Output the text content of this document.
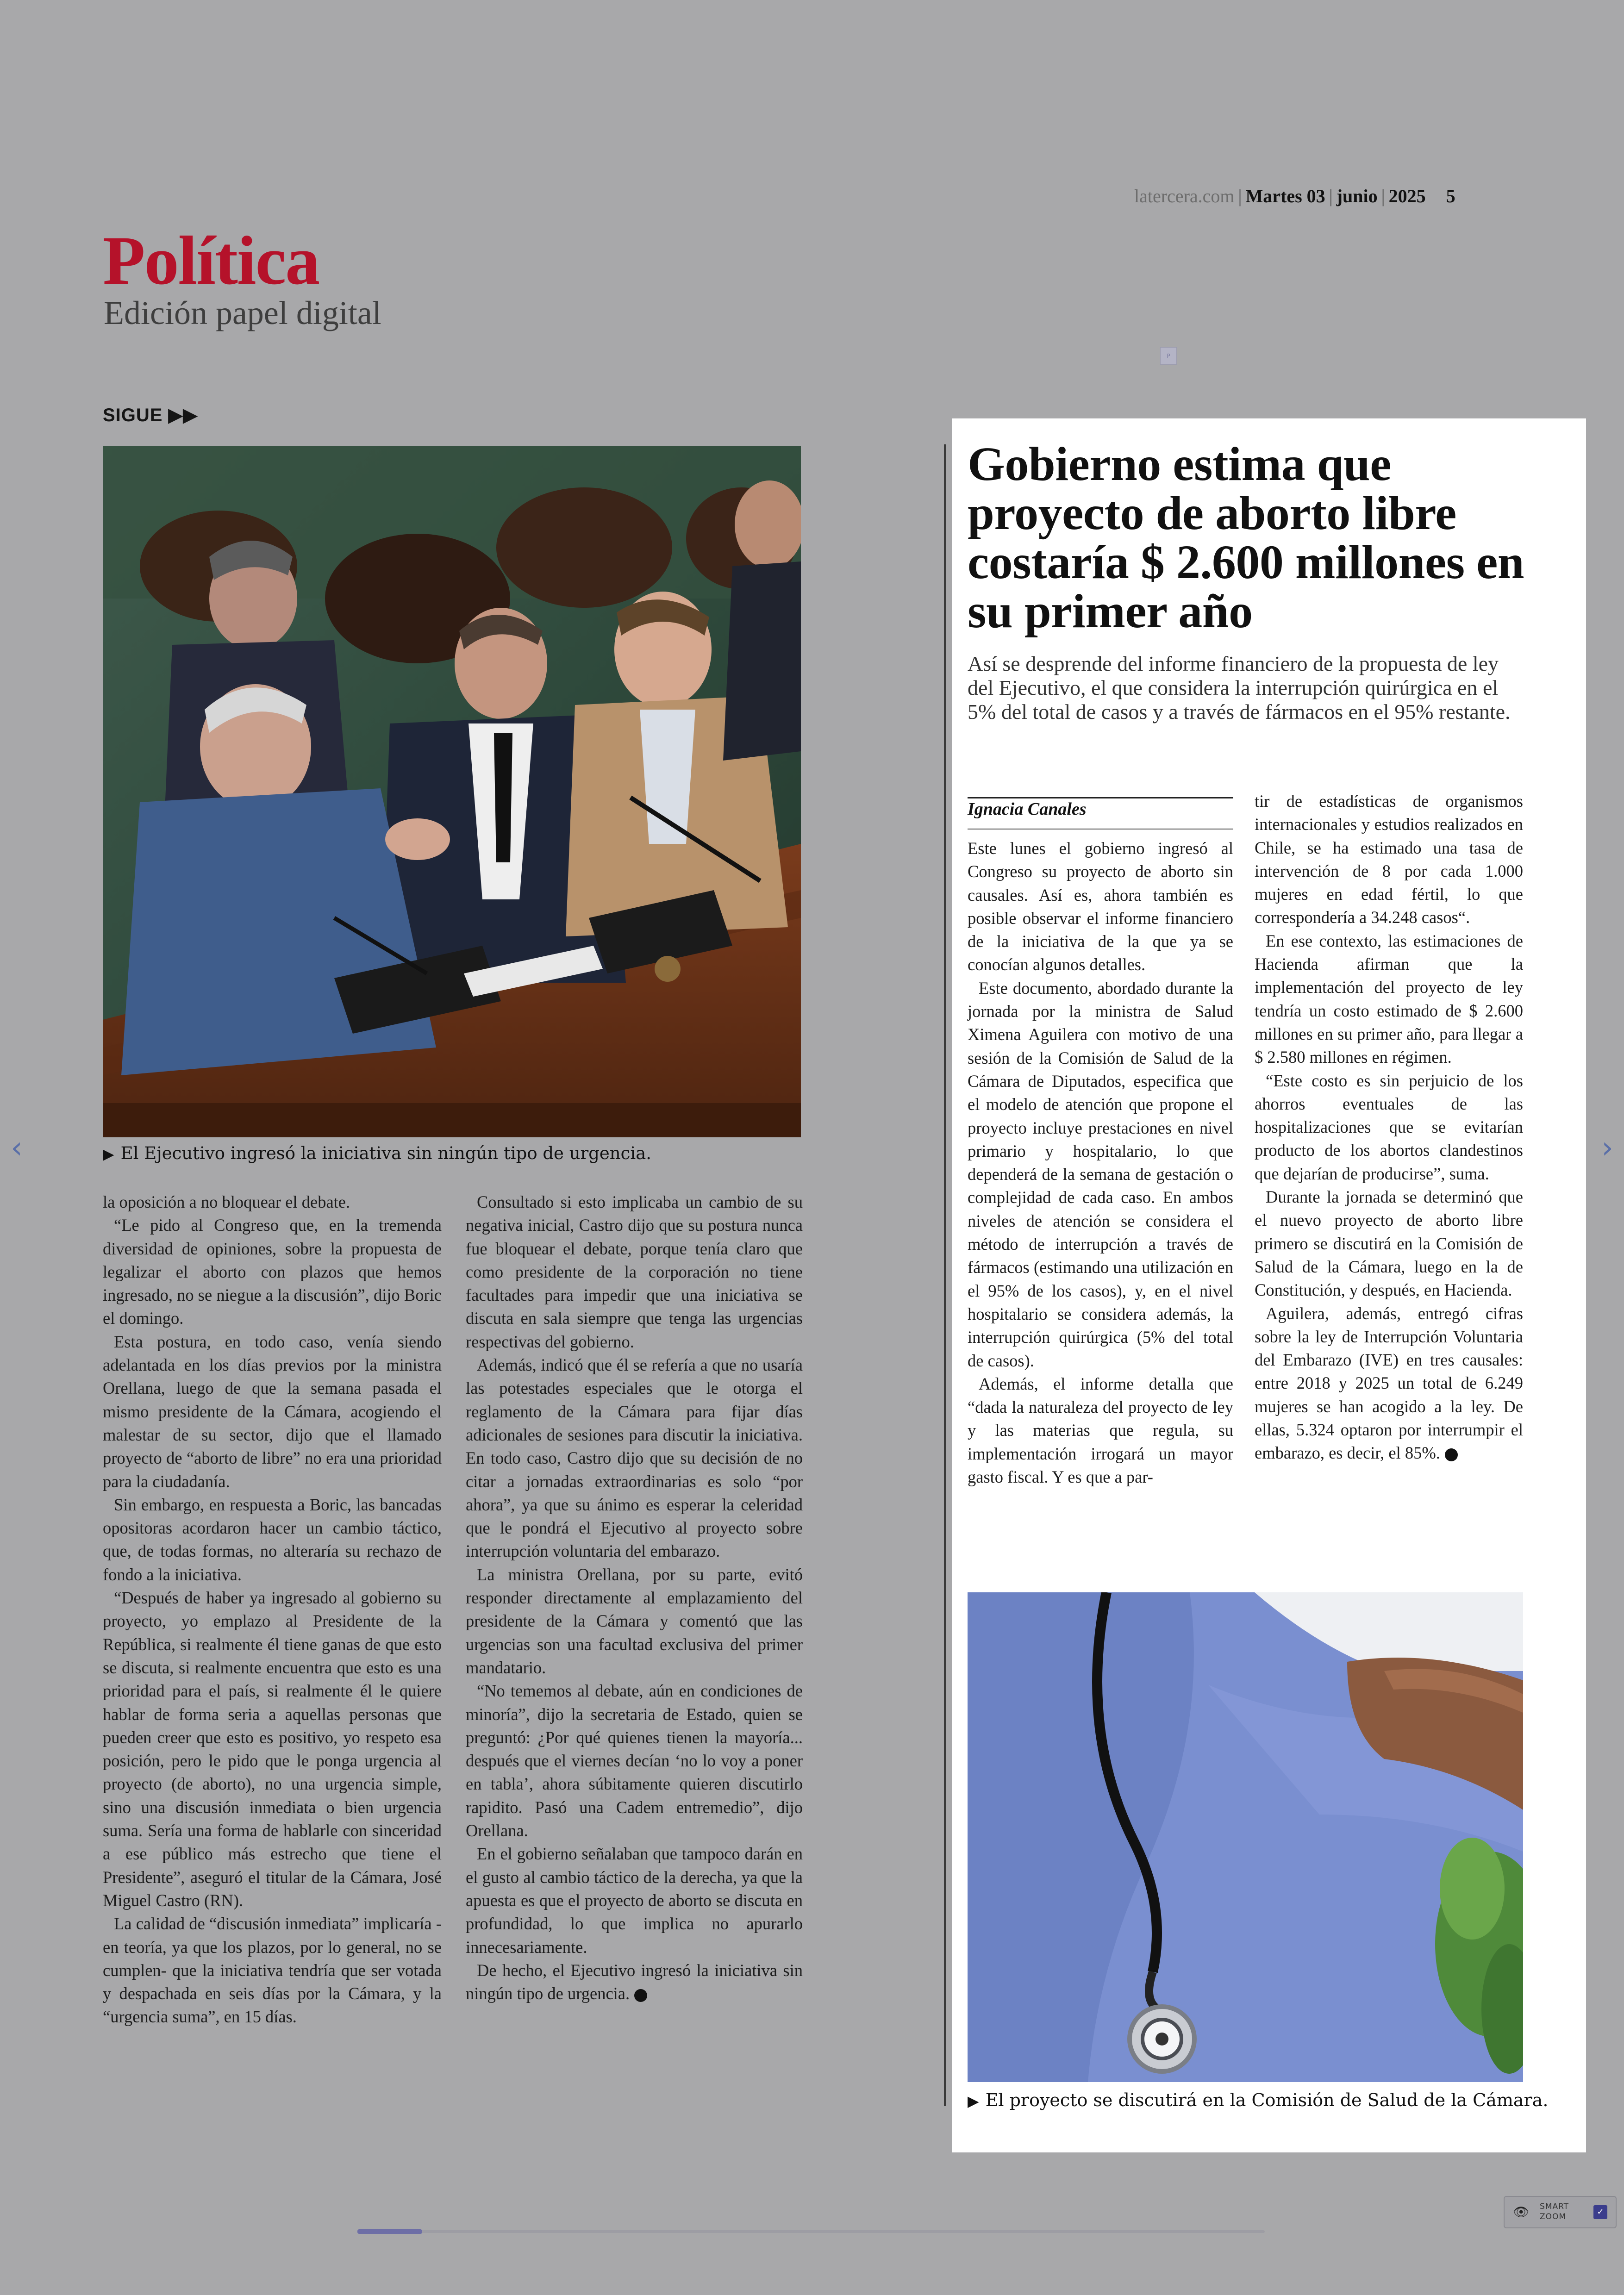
latercera.com | Martes 03 | junio | 2025 5
Política
Edición papel digital
P
SIGUE ▶▶
▶ El Ejecutivo ingresó la iniciativa sin ningún tipo de urgencia.

la oposición a no bloquear el debate.

“Le pido al Congreso que, en la tremenda diversidad de opiniones, sobre la propuesta de legalizar el aborto con plazos que hemos ingresado, no se niegue a la discusión”, dijo Boric el domingo.

Esta postura, en todo caso, venía siendo adelantada en los días previos por la ministra Orellana, luego de que la semana pasada el mismo presidente de la Cámara, acogiendo el malestar de su sector, dijo que el llamado proyecto de “aborto de libre” no era una prioridad para la ciudadanía.

Sin embargo, en respuesta a Boric, las bancadas opositoras acordaron hacer un cambio táctico, que, de todas formas, no alteraría su rechazo de fondo a la iniciativa.

“Después de haber ya ingresado al gobierno su proyecto, yo emplazo al Presidente de la República, si realmente él tiene ganas de que esto se discuta, si realmente encuentra que esto es una prioridad para el país, si realmente él le quiere hablar de forma seria a aquellas personas que pueden creer que esto es positivo, yo respeto esa posición, pero le pido que le ponga urgencia al proyecto (de aborto), no una urgencia simple, sino una discusión inmediata o bien urgencia suma. Sería una forma de hablarle con sinceridad a ese público más estrecho que tiene el Presidente”, aseguró el titular de la Cámara, José Miguel Castro (RN).

La calidad de “discusión inmediata” implicaría -en teoría, ya que los plazos, por lo general, no se cumplen- que la iniciativa tendría que ser votada y despachada en seis días por la Cámara, y la “urgencia suma”, en 15 días.

Consultado si esto implicaba un cambio de su negativa inicial, Castro dijo que su postura nunca fue bloquear el debate, porque tenía claro que como presidente de la corporación no tiene facultades para impedir que una iniciativa se discuta en sala siempre que tenga las urgencias respectivas del gobierno.

Además, indicó que él se refería a que no usaría las potestades especiales que le otorga el reglamento de la Cámara para fijar días adicionales de sesiones para discutir la iniciativa. En todo caso, Castro dijo que su decisión de no citar a jornadas extraordinarias es solo “por ahora”, ya que su ánimo es esperar la celeridad que le pondrá el Ejecutivo al proyecto sobre interrupción voluntaria del embarazo.

La ministra Orellana, por su parte, evitó responder directamente al emplazamiento del presidente de la Cámara y comentó que las urgencias son una facultad exclusiva del primer mandatario.

“No tememos al debate, aún en condiciones de minoría”, dijo la secretaria de Estado, quien se preguntó: ¿Por qué quienes tienen la mayoría... después que el viernes decían ‘no lo voy a poner en tabla’, ahora súbitamente quieren discutirlo rapidito. Pasó una Cadem entremedio”, dijo Orellana.

En el gobierno señalaban que tampoco darán en el gusto al cambio táctico de la derecha, ya que la apuesta es que el proyecto de aborto se discuta en profundidad, lo que implica no apurarlo innecesariamente.

De hecho, el Ejecutivo ingresó la iniciativa sin ningún tipo de urgencia.

Gobierno estima que proyecto de aborto libre costaría $ 2.600 millones en su primer año
Así se desprende del informe financiero de la propuesta de ley del Ejecutivo, el que considera la interrupción quirúrgica en el 5% del total de casos y a través de fármacos en el 95% restante.
Ignacia Canales

Este lunes el gobierno ingresó al Congreso su proyecto de aborto sin causales. Así es, ahora también es posible observar el informe financiero de la iniciativa de la que ya se conocían algunos detalles.

Este documento, abordado durante la jornada por la ministra de Salud Ximena Aguilera con motivo de una sesión de la Comisión de Salud de la Cámara de Diputados, especifica que el modelo de atención que propone el proyecto incluye prestaciones en nivel primario y hospitalario, lo que dependerá de la semana de gestación o complejidad de cada caso. En ambos niveles de atención se considera el método de interrupción a través de fármacos (estimando una utilización en el 95% de los casos), y, en el nivel hospitalario se considera además, la interrupción quirúrgica (5% del total de casos).

Además, el informe detalla que “dada la naturaleza del proyecto de ley y las materias que regula, su implementación irrogará un mayor gasto fiscal. Y es que a par-

tir de estadísticas de organismos internacionales y estudios realizados en Chile, se ha estimado una tasa de intervención de 8 por cada 1.000 mujeres en edad fértil, lo que correspondería a 34.248 casos“.

En ese contexto, las estimaciones de Hacienda afirman que la implementación del proyecto de ley tendría un costo estimado de $ 2.600 millones en su primer año, para llegar a $ 2.580 millones en régimen.

“Este costo es sin perjuicio de los ahorros eventuales de las hospitalizaciones que se evitarían producto de los abortos clandestinos que dejarían de producirse”, suma.

Durante la jornada se determinó que el nuevo proyecto de aborto libre primero se discutirá en la Comisión de Salud de la Cámara, luego en la de Constitución, y después, en Hacienda.

Aguilera, además, entregó cifras sobre la ley de Interrupción Voluntaria del Embarazo (IVE) en tres causales: entre 2018 y 2025 un total de 6.249 mujeres se han acogido a la ley. De ellas, 5.324 optaron por interrumpir el embarazo, es decir, el 85%.

▶ El proyecto se discutirá en la Comisión de Salud de la Cámara.
‹	›
👁 SMART
ZOOM	✓
